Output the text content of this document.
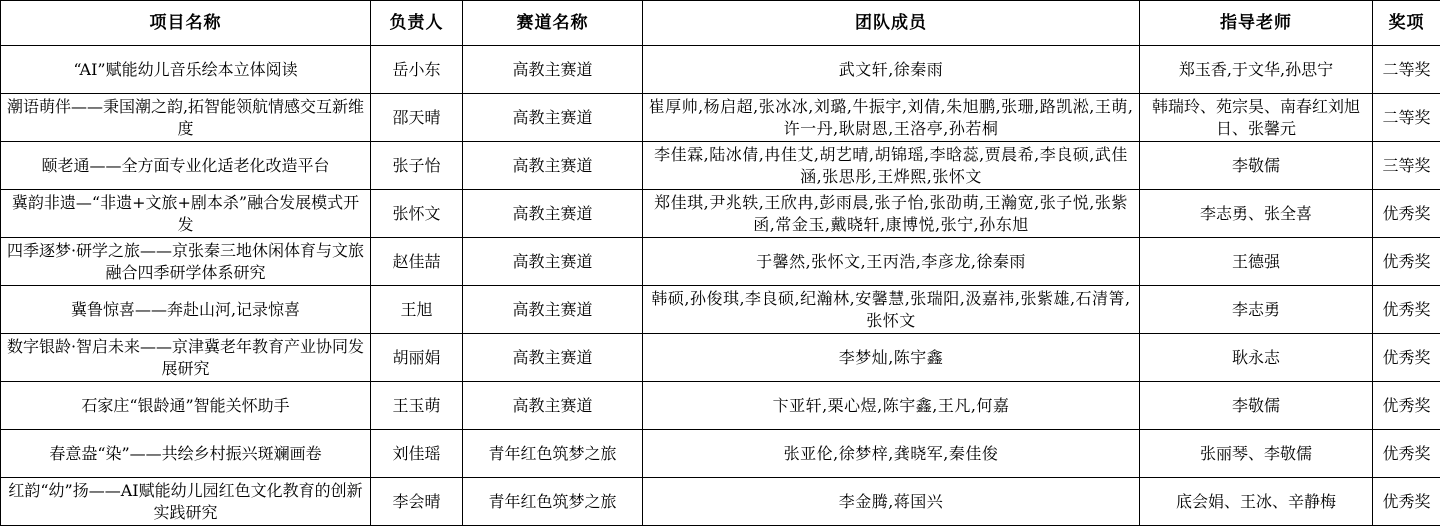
项目名称	负责人	赛道名称	团队成员	指导老师	奖项
“AI”赋能幼儿音乐绘本立体阅读	岳小东	高教主赛道	武文轩,徐秦雨	郑玉香,于文华,孙思宁	二等奖
潮语萌伴——秉国潮之韵,拓智能领航情感交互新维度	邵天晴	高教主赛道	崔厚帅,杨启超,张冰冰,刘璐,牛振宇,刘倩,朱旭鹏,张珊,路凯淞,王萌,许一丹,耿尉恩,王洛亭,孙若桐	韩瑞玲、苑宗昊、南春红刘旭日、张馨元	二等奖
颐老通——全方面专业化适老化改造平台	张子怡	高教主赛道	李佳霖,陆冰倩,冉佳艾,胡艺晴,胡锦瑶,李晗蕊,贾晨希,李良硕,武佳涵,张思彤,王烨熙,张怀文	李敬儒	三等奖
冀韵非遗—“非遗+文旅+剧本杀”融合发展模式开发	张怀文	高教主赛道	郑佳琪,尹兆轶,王欣冉,彭雨晨,张子怡,张劭萌,王瀚宽,张子悦,张紫函,常金玉,戴晓轩,康博悦,张宁,孙东旭	李志勇、张全喜	优秀奖
四季逐梦·研学之旅——京张秦三地休闲体育与文旅融合四季研学体系研究	赵佳喆	高教主赛道	于馨然,张怀文,王丙浩,李彦龙,徐秦雨	王德强	优秀奖
冀鲁惊喜——奔赴山河,记录惊喜	王旭	高教主赛道	韩硕,孙俊琪,李良硕,纪瀚林,安馨慧,张瑞阳,汲嘉祎,张紫雄,石清箐,张怀文	李志勇	优秀奖
数字银龄·智启未来——京津冀老年教育产业协同发展研究	胡丽娟	高教主赛道	李梦灿,陈宇鑫	耿永志	优秀奖
石家庄“银龄通”智能关怀助手	王玉萌	高教主赛道	卞亚轩,栗心煜,陈宇鑫,王凡,何嘉	李敬儒	优秀奖
春意盎“染”——共绘乡村振兴斑斓画卷	刘佳瑶	青年红色筑梦之旅	张亚伦,徐梦梓,龚晓军,秦佳俊	张丽琴、李敬儒	优秀奖
红韵“幼”扬——AI赋能幼儿园红色文化教育的创新实践研究	李会晴	青年红色筑梦之旅	李金腾,蒋国兴	底会娟、王冰、辛静梅	优秀奖
